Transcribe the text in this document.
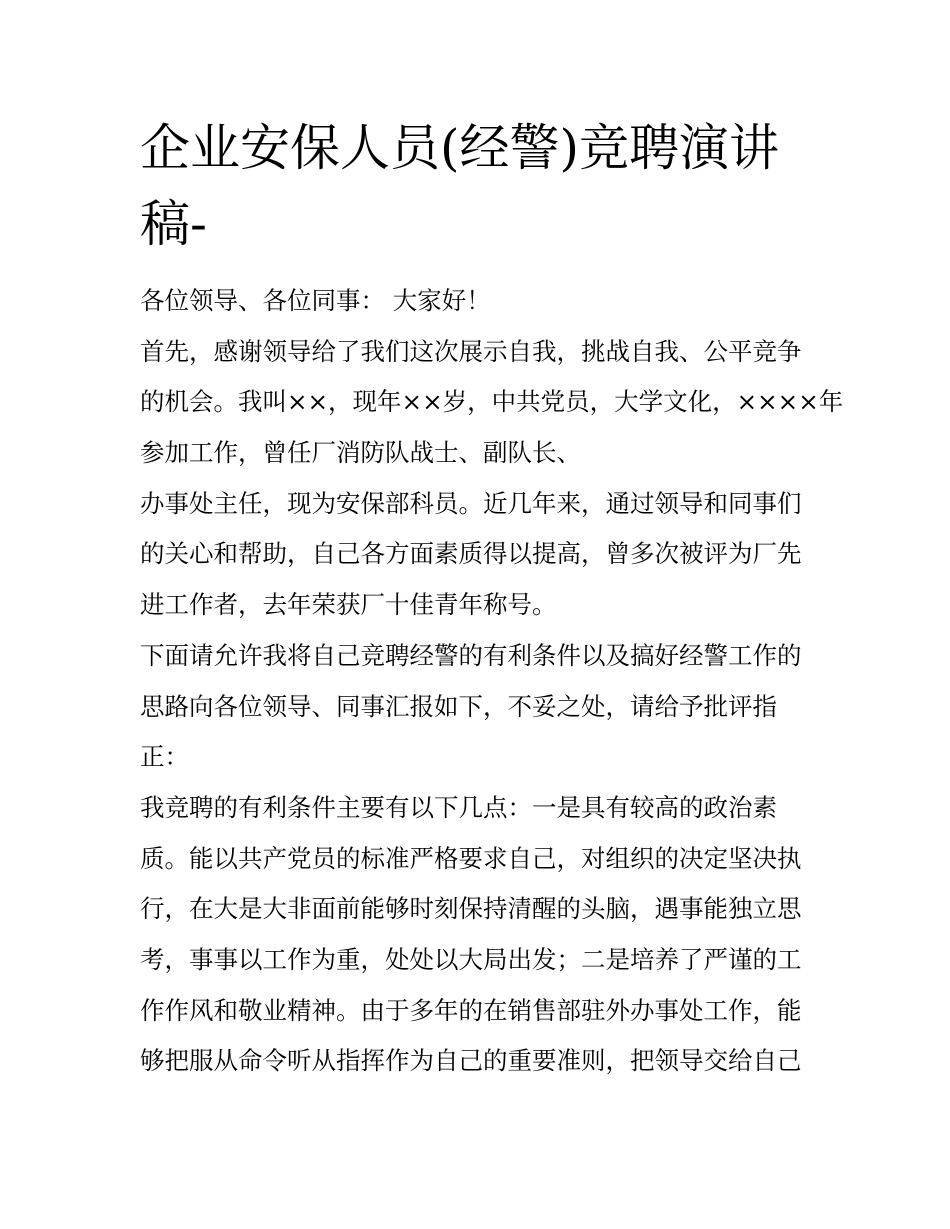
企业安保人员(经警)竞聘演讲
稿-
各位领导、各位同事： 大家好！
首先，感谢领导给了我们这次展示自我，挑战自我、公平竞争
的机会。我叫××，现年××岁，中共党员，大学文化，××××年
参加工作，曾任厂消防队战士、副队长、
办事处主任，现为安保部科员。近几年来，通过领导和同事们
的关心和帮助，自己各方面素质得以提高，曾多次被评为厂先
进工作者，去年荣获厂十佳青年称号。
下面请允许我将自己竞聘经警的有利条件以及搞好经警工作的
思路向各位领导、同事汇报如下，不妥之处，请给予批评指
正：
我竞聘的有利条件主要有以下几点：一是具有较高的政治素
质。能以共产党员的标准严格要求自己，对组织的决定坚决执
行，在大是大非面前能够时刻保持清醒的头脑，遇事能独立思
考，事事以工作为重，处处以大局出发；二是培养了严谨的工
作作风和敬业精神。由于多年的在销售部驻外办事处工作，能
够把服从命令听从指挥作为自己的重要准则，把领导交给自己
